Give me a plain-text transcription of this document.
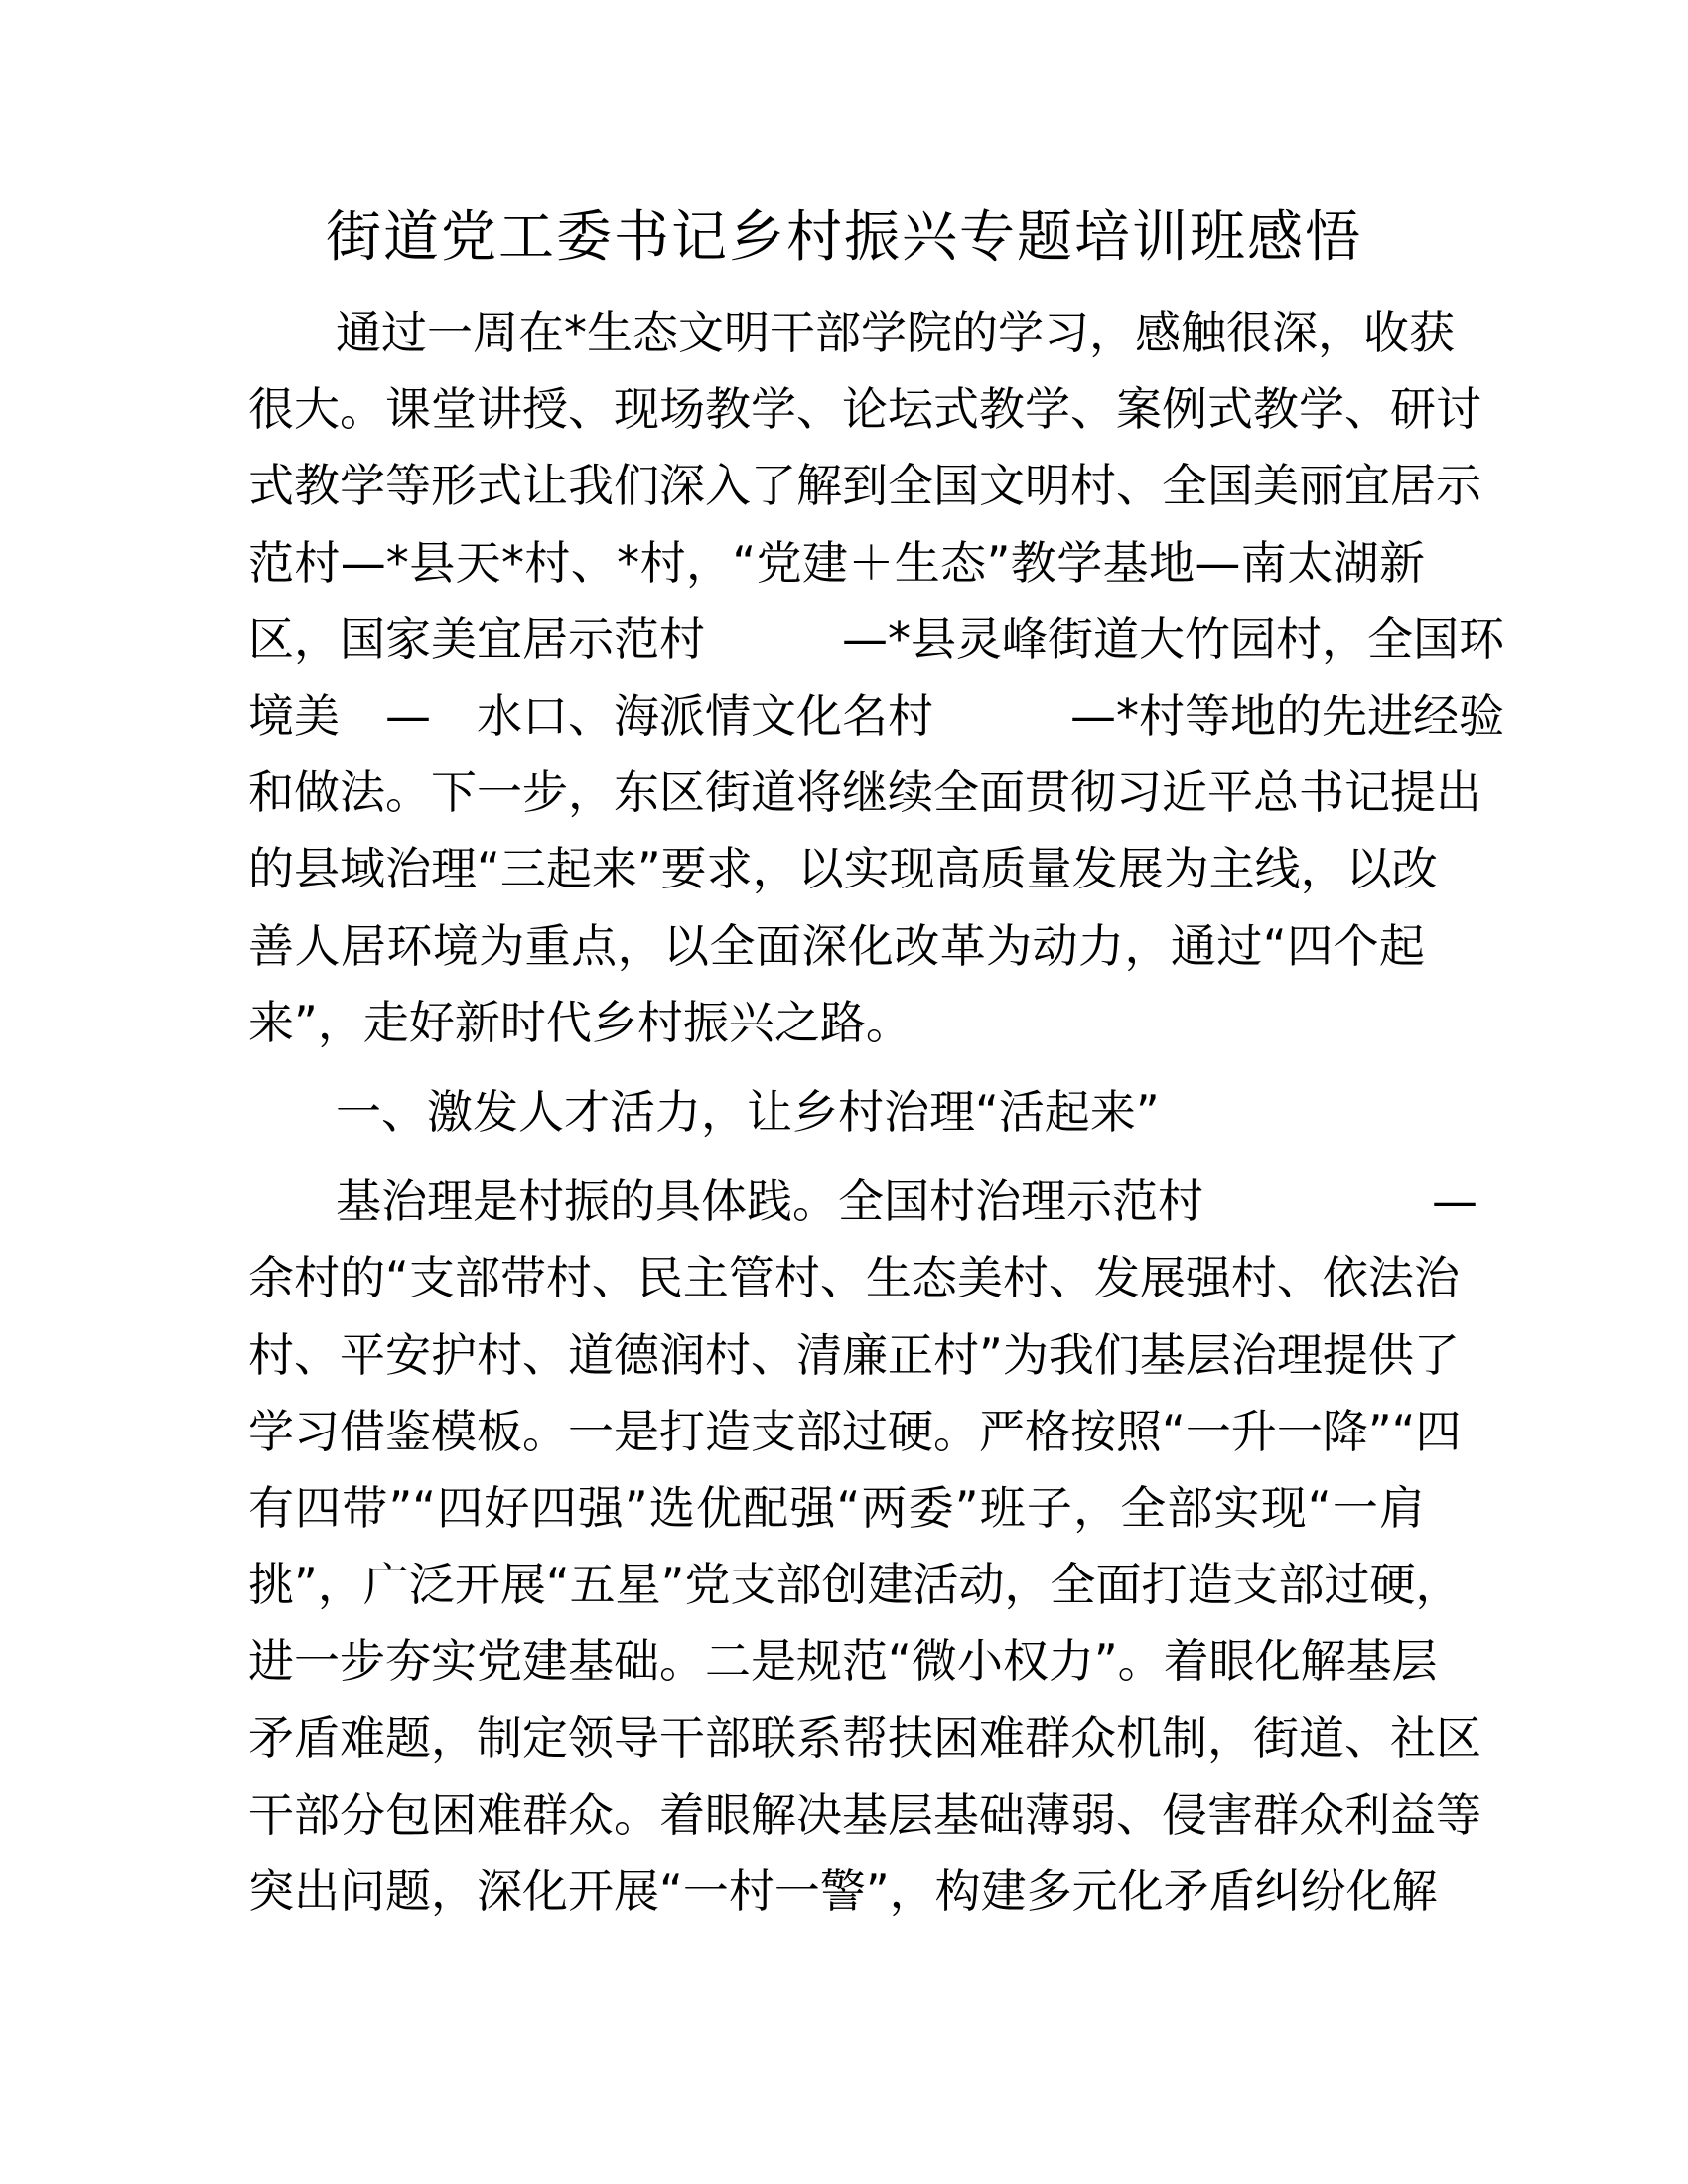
街道党工委书记乡村振兴专题培训班感悟
通过一周在*生态文明干部学院的学习，感触很深，收获
很大。课堂讲授、现场教学、论坛式教学、案例式教学、研讨
式教学等形式让我们深入了解到全国文明村、全国美丽宜居示
范村—*县天*村、*村，“党建＋生态”教学基地—南太湖新
区，国家美宜居示范村　　　—*县灵峰街道大竹园村，全国环
境美　—　水口、海派情文化名村　　　—*村等地的先进经验
和做法。下一步，东区街道将继续全面贯彻习近平总书记提出
的县域治理“三起来”要求，以实现高质量发展为主线，以改
善人居环境为重点，以全面深化改革为动力，通过“四个起
来”，走好新时代乡村振兴之路。
一、激发人才活力，让乡村治理“活起来”
基治理是村振的具体践。全国村治理示范村　　　　　—
余村的“支部带村、民主管村、生态美村、发展强村、依法治
村、平安护村、道德润村、清廉正村”为我们基层治理提供了
学习借鉴模板。一是打造支部过硬。严格按照“一升一降”“四
有四带”“四好四强”选优配强“两委”班子，全部实现“一肩
挑”，广泛开展“五星”党支部创建活动，全面打造支部过硬，
进一步夯实党建基础。二是规范“微小权力”。着眼化解基层
矛盾难题，制定领导干部联系帮扶困难群众机制，街道、社区
干部分包困难群众。着眼解决基层基础薄弱、侵害群众利益等
突出问题，深化开展“一村一警”，构建多元化矛盾纠纷化解
